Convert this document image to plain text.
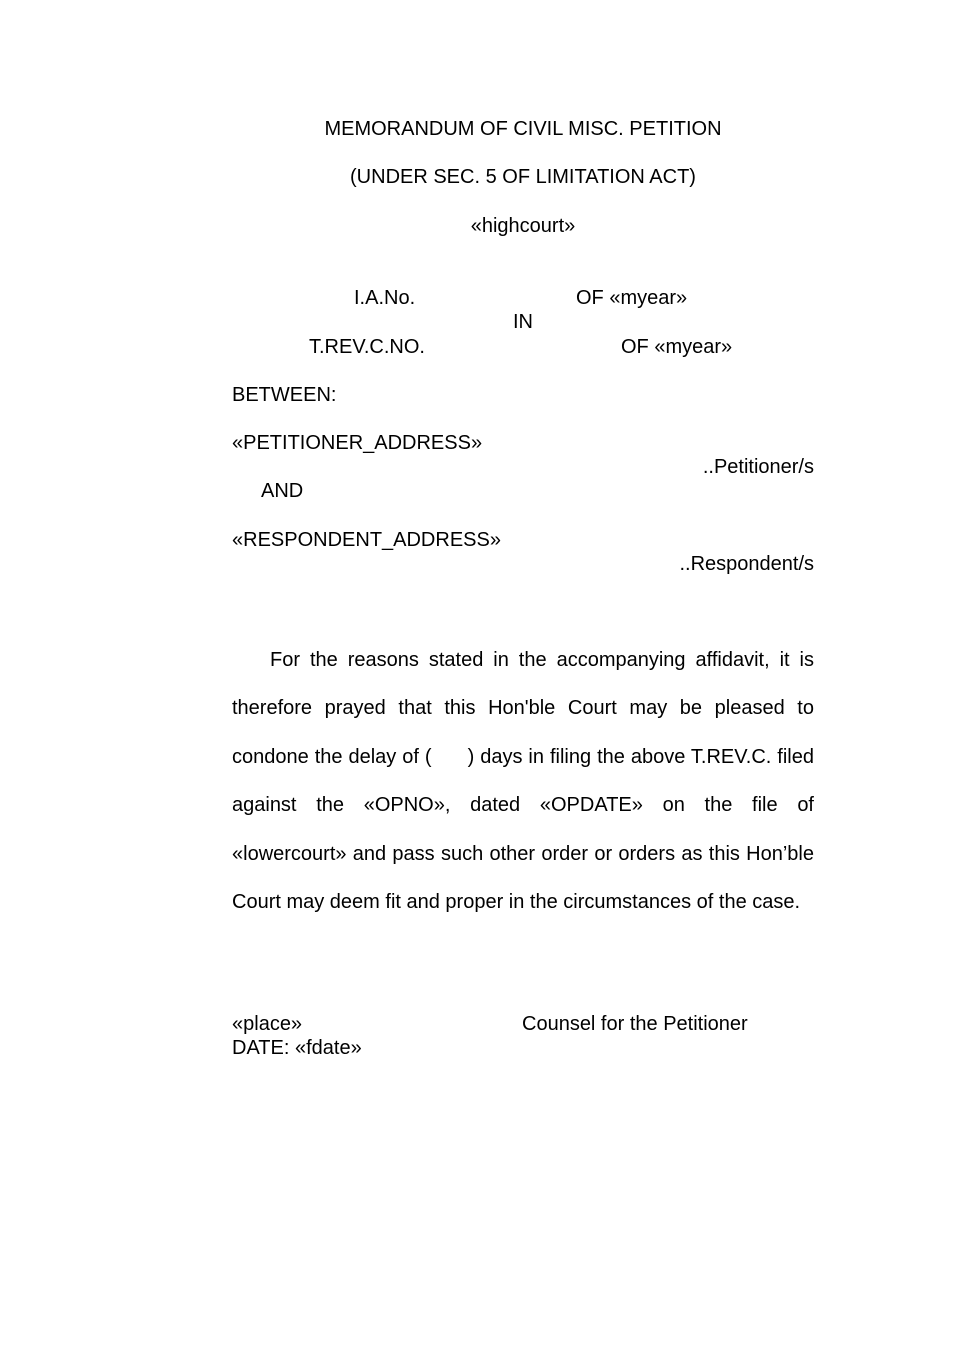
MEMORANDUM OF CIVIL MISC. PETITION
(UNDER SEC. 5 OF LIMITATION ACT)
«highcourt»
I.A.No.	OF «myear»
IN
T.REV.C.NO.	OF «myear»
BETWEEN:
«PETITIONER_ADDRESS»
..Petitioner/s
AND
«RESPONDENT_ADDRESS»
..Respondent/s
For the reasons stated in the accompanying affidavit, it is therefore prayed that this Hon'ble Court may be pleased to condone the delay of ( ) days in filing the above T.REV.C. filed against the «OPNO», dated «OPDATE» on the file of «lowercourt» and pass such other order or orders as this Hon’ble Court may deem fit and proper in the circumstances of the case.
«place»	Counsel for the Petitioner
DATE: «fdate»
